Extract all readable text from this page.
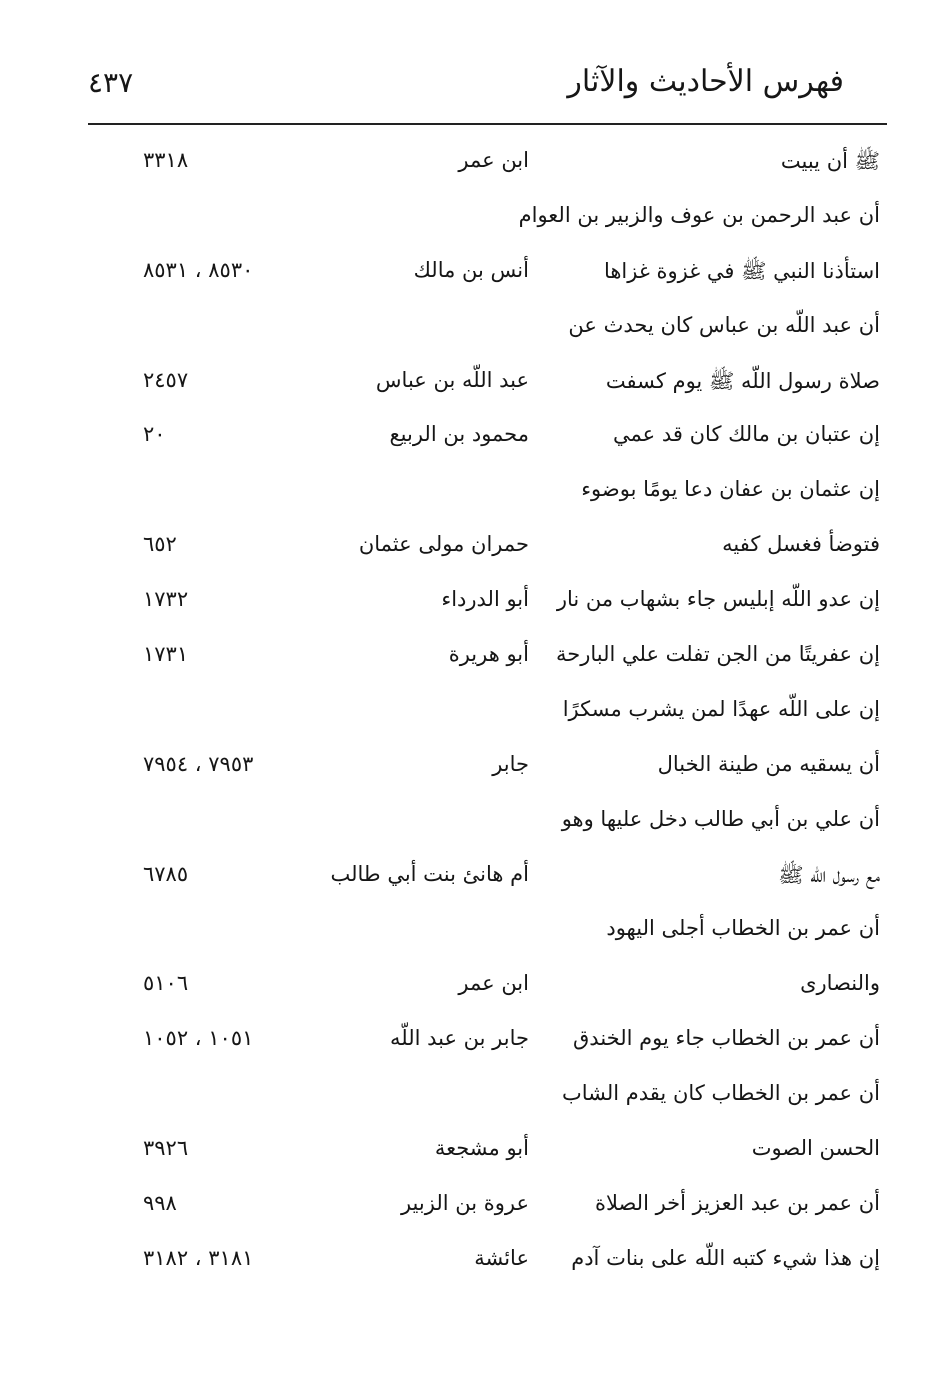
فهرس الأحاديث والآثار
٤٣٧
ﷺ أن يبيت
ابن عمر
٣٣١٨
أن عبد الرحمن بن عوف والزبير بن العوام
استأذنا النبي ﷺ في غزوة غزاها
أنس بن مالك
٨٥٣٠ ، ٨٥٣١
أن عبد اللّه بن عباس كان يحدث عن
صلاة رسول اللّه ﷺ يوم كسفت
عبد اللّه بن عباس
٢٤٥٧
إن عتبان بن مالك كان قد عمي
محمود بن الربيع
٢٠
إن عثمان بن عفان دعا يومًا بوضوء
فتوضأ فغسل كفيه
حمران مولى عثمان
٦٥٢
إن عدو اللّه إبليس جاء بشهاب من نار
أبو الدرداء
١٧٣٢
إن عفريتًا من الجن تفلت علي البارحة
أبو هريرة
١٧٣١
إن على اللّه عهدًا لمن يشرب مسكرًا
أن يسقيه من طينة الخبال
جابر
٧٩٥٣ ، ٧٩٥٤
أن علي بن أبي طالب دخل عليها وهو
مع رسول اللّه ﷺ
أم هانئ بنت أبي طالب
٦٧٨٥
أن عمر بن الخطاب أجلى اليهود
والنصارى
ابن عمر
٥١٠٦
أن عمر بن الخطاب جاء يوم الخندق
جابر بن عبد اللّه
١٠٥١ ، ١٠٥٢
أن عمر بن الخطاب كان يقدم الشاب
الحسن الصوت
أبو مشجعة
٣٩٢٦
أن عمر بن عبد العزيز أخر الصلاة
عروة بن الزبير
٩٩٨
إن هذا شيء كتبه اللّه على بنات آدم
عائشة
٣١٨١ ، ٣١٨٢
